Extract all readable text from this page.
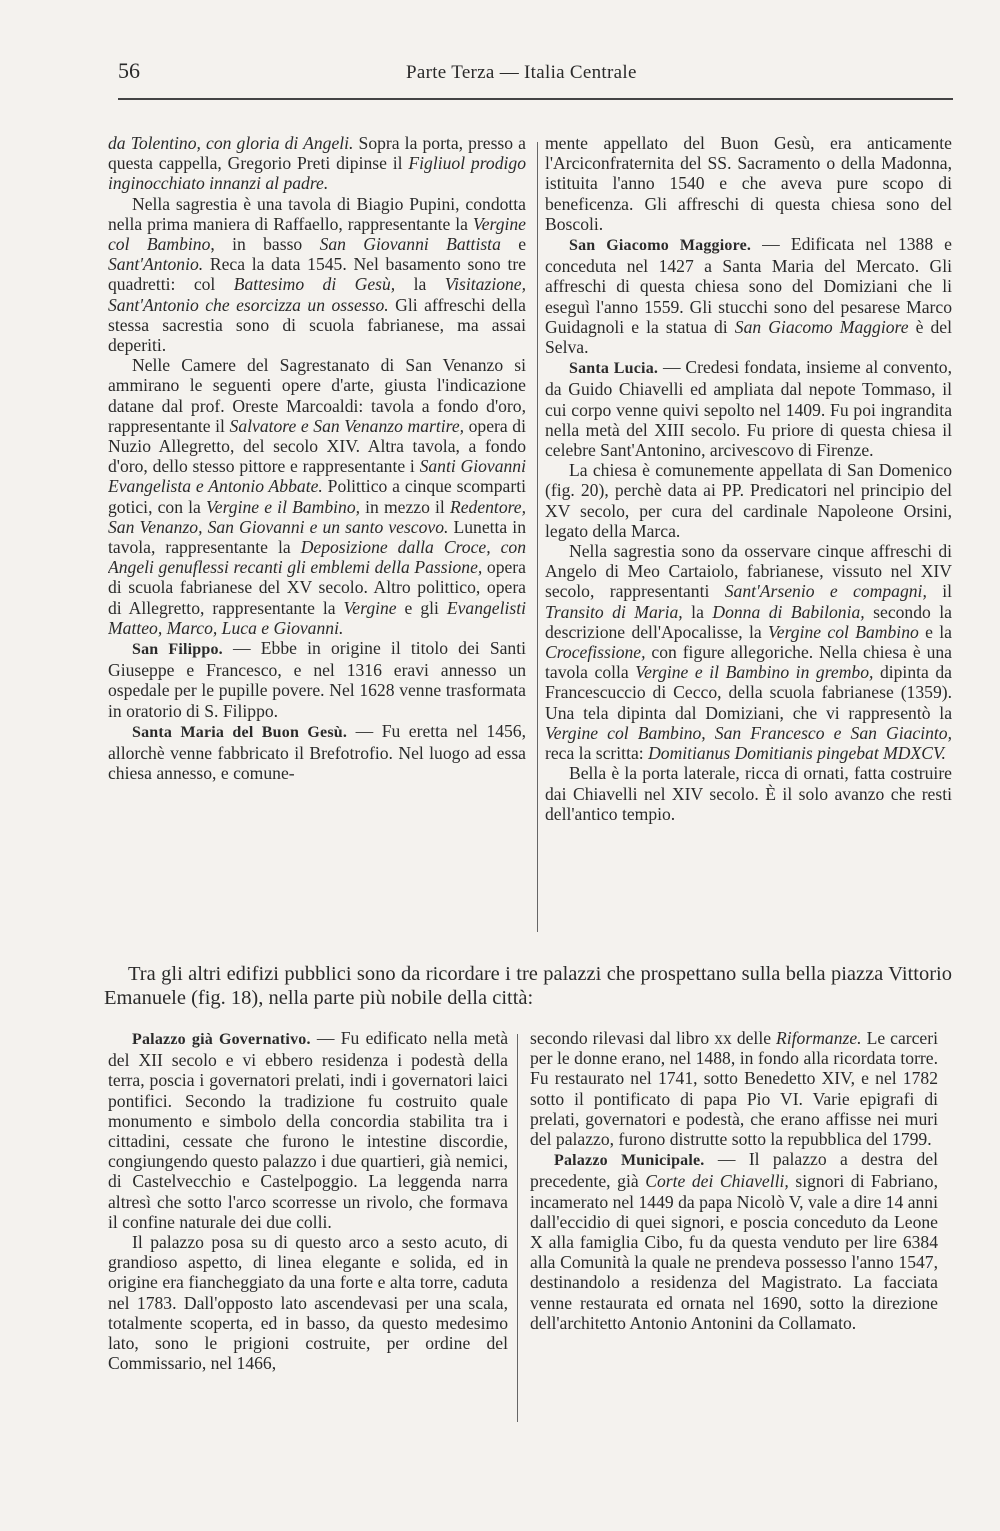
56	Parte Terza — Italia Centrale

da Tolentino, con gloria di Angeli. Sopra la porta, presso a questa cappella, Gregorio Preti dipinse il Figliuol prodigo inginocchiato innanzi al padre.

Nella sagrestia è una tavola di Biagio Pupini, condotta nella prima maniera di Raffaello, rappresentante la Vergine col Bambino, in basso San Giovanni Battista e Sant'Antonio. Reca la data 1545. Nel basamento sono tre quadretti: col Battesimo di Gesù, la Visitazione, Sant'Antonio che esorcizza un ossesso. Gli affreschi della stessa sacrestia sono di scuola fabrianese, ma assai deperiti.

Nelle Camere del Sagrestanato di San Venanzo si ammirano le seguenti opere d'arte, giusta l'indicazione datane dal prof. Oreste Marcoaldi: tavola a fondo d'oro, rappresentante il Salvatore e San Venanzo martire, opera di Nuzio Allegretto, del secolo XIV. Altra tavola, a fondo d'oro, dello stesso pittore e rappresentante i Santi Giovanni Evangelista e Antonio Abbate. Polittico a cinque scomparti gotici, con la Vergine e il Bambino, in mezzo il Redentore, San Venanzo, San Giovanni e un santo vescovo. Lunetta in tavola, rappresentante la Deposizione dalla Croce, con Angeli genuflessi recanti gli emblemi della Passione, opera di scuola fabrianese del XV secolo. Altro polittico, opera di Allegretto, rappresentante la Vergine e gli Evangelisti Matteo, Marco, Luca e Giovanni.

San Filippo. — Ebbe in origine il titolo dei Santi Giuseppe e Francesco, e nel 1316 eravi annesso un ospedale per le pupille povere. Nel 1628 venne trasformata in oratorio di S. Filippo.

Santa Maria del Buon Gesù. — Fu eretta nel 1456, allorchè venne fabbricato il Brefotrofio. Nel luogo ad essa chiesa annesso, e comune-

mente appellato del Buon Gesù, era anticamente l'Arciconfraternita del SS. Sacramento o della Madonna, istituita l'anno 1540 e che aveva pure scopo di beneficenza. Gli affreschi di questa chiesa sono del Boscoli.

San Giacomo Maggiore. — Edificata nel 1388 e conceduta nel 1427 a Santa Maria del Mercato. Gli affreschi di questa chiesa sono del Domiziani che li eseguì l'anno 1559. Gli stucchi sono del pesarese Marco Guidagnoli e la statua di San Giacomo Maggiore è del Selva.

Santa Lucia. — Credesi fondata, insieme al convento, da Guido Chiavelli ed ampliata dal nepote Tommaso, il cui corpo venne quivi sepolto nel 1409. Fu poi ingrandita nella metà del XIII secolo. Fu priore di questa chiesa il celebre Sant'Antonino, arcivescovo di Firenze.

La chiesa è comunemente appellata di San Domenico (fig. 20), perchè data ai PP. Predicatori nel principio del XV secolo, per cura del cardinale Napoleone Orsini, legato della Marca.

Nella sagrestia sono da osservare cinque affreschi di Angelo di Meo Cartaiolo, fabrianese, vissuto nel XIV secolo, rappresentanti Sant'Arsenio e compagni, il Transito di Maria, la Donna di Babilonia, secondo la descrizione dell'Apocalisse, la Vergine col Bambino e la Crocefissione, con figure allegoriche. Nella chiesa è una tavola colla Vergine e il Bambino in grembo, dipinta da Francescuccio di Cecco, della scuola fabrianese (1359). Una tela dipinta dal Domiziani, che vi rappresentò la Vergine col Bambino, San Francesco e San Giacinto, reca la scritta: Domitianus Domitianis pingebat MDXCV.

Bella è la porta laterale, ricca di ornati, fatta costruire dai Chiavelli nel XIV secolo. È il solo avanzo che resti dell'antico tempio.

Tra gli altri edifizi pubblici sono da ricordare i tre palazzi che prospettano sulla bella piazza Vittorio Emanuele (fig. 18), nella parte più nobile della città:

Palazzo già Governativo. — Fu edificato nella metà del XII secolo e vi ebbero residenza i podestà della terra, poscia i governatori prelati, indi i governatori laici pontifici. Secondo la tradizione fu costruito quale monumento e simbolo della concordia stabilita tra i cittadini, cessate che furono le intestine discordie, congiungendo questo palazzo i due quartieri, già nemici, di Castelvecchio e Castelpoggio. La leggenda narra altresì che sotto l'arco scorresse un rivolo, che formava il confine naturale dei due colli.

Il palazzo posa su di questo arco a sesto acuto, di grandioso aspetto, di linea elegante e solida, ed in origine era fiancheggiato da una forte e alta torre, caduta nel 1783. Dall'opposto lato ascendevasi per una scala, totalmente scoperta, ed in basso, da questo medesimo lato, sono le prigioni costruite, per ordine del Commissario, nel 1466,

secondo rilevasi dal libro xx delle Riformanze. Le carceri per le donne erano, nel 1488, in fondo alla ricordata torre. Fu restaurato nel 1741, sotto Benedetto XIV, e nel 1782 sotto il pontificato di papa Pio VI. Varie epigrafi di prelati, governatori e podestà, che erano affisse nei muri del palazzo, furono distrutte sotto la repubblica del 1799.

Palazzo Municipale. — Il palazzo a destra del precedente, già Corte dei Chiavelli, signori di Fabriano, incamerato nel 1449 da papa Nicolò V, vale a dire 14 anni dall'eccidio di quei signori, e poscia conceduto da Leone X alla famiglia Cibo, fu da questa venduto per lire 6384 alla Comunità la quale ne prendeva possesso l'anno 1547, destinandolo a residenza del Magistrato. La facciata venne restaurata ed ornata nel 1690, sotto la direzione dell'architetto Antonio Antonini da Collamato.
